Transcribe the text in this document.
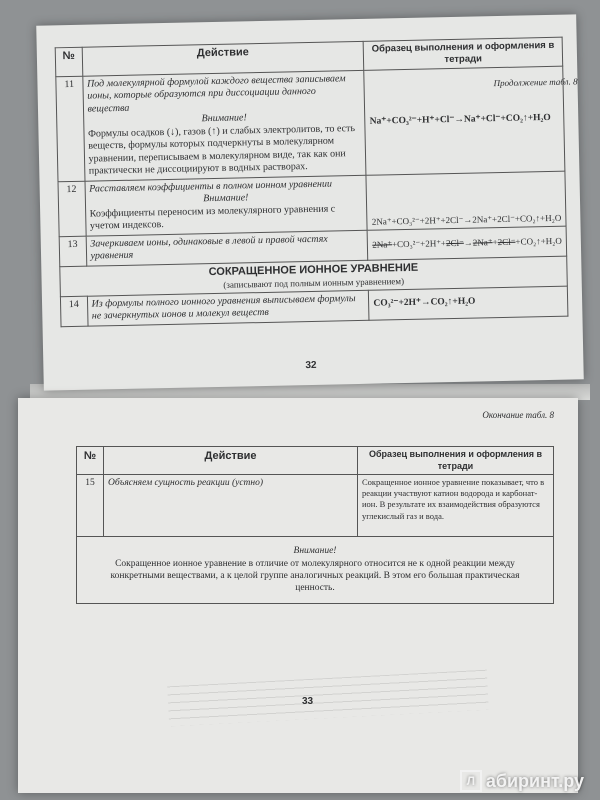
Продолжение табл. 8
№	Действие	Образец выполнения и оформления в тетради
11	Под молекулярной формулой каждого вещества записываем ионы, которые образуются при диссоциации данного вещества
Внимание!
Формулы осадков (↓), газов (↑) и слабых электролитов, то есть веществ, формулы которых подчеркнуты в молекулярном уравнении, переписываем в молекулярном виде, так как они практически не диссоциируют в водных растворах.	Na⁺+CO₃²⁻+H⁺+Cl⁻→Na⁺+Cl⁻+CO₂↑+H₂O
12	Расставляем коэффициенты в полном ионном уравнении
Внимание!
Коэффициенты переносим из молекулярного уравнения с учетом индексов.	2Na⁺+CO₃²⁻+2H⁺+2Cl⁻→2Na⁺+2Cl⁻+CO₂↑+H₂O
13	Зачеркиваем ионы, одинаковые в левой и правой частях уравнения	2Na⁺+CO₃²⁻+2H⁺+2Cl⁻→2Na⁺+2Cl⁻+CO₂↑+H₂O

СОКРАЩЕННОЕ ИОННОЕ УРАВНЕНИЕ
(записывают под полным ионным уравнением)		

14	Из формулы полного ионного уравнения выписываем формулы не зачеркнутых ионов и молекул веществ	CO₃²⁻+2H⁺→CO₂↑+H₂O
32
Окончание табл. 8
№	Действие	Образец выполнения и оформления в тетради
15	Объясняем сущность реакции (устно)	Сокращенное ионное уравнение показывает, что в реакции участвуют катион водорода и карбонат-ион. В результате их взаимодействия образуются углекислый газ и вода.

Внимание!
Сокращенное ионное уравнение в отличие от молекулярного относится не к одной реакции между конкретными веществами, а к целой группе аналогичных реакций. В этом его большая практическая ценность.		
33
Л абиринт.ру
